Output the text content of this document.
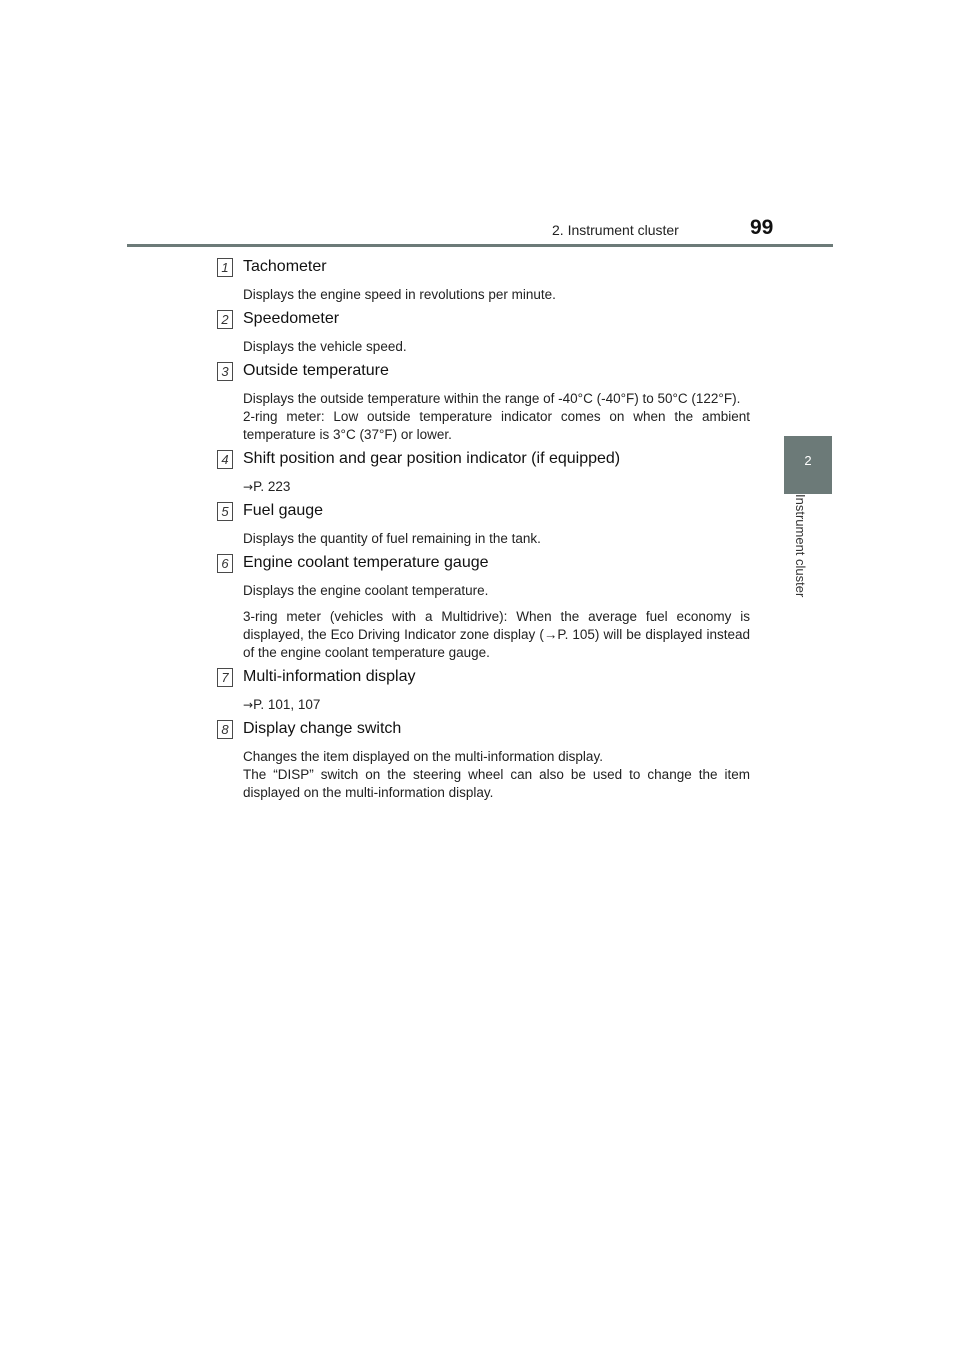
2. Instrument cluster	99
2
Instrument cluster
1 Tachometer

Displays the engine speed in revolutions per minute.

2 Speedometer

Displays the vehicle speed.

3 Outside temperature

Displays the outside temperature within the range of -40°C (-40°F) to 50°C (122°F).

2-ring meter: Low outside temperature indicator comes on when the ambient temperature is 3°C (37°F) or lower.

4 Shift position and gear position indicator (if equipped)

→P. 223

5 Fuel gauge

Displays the quantity of fuel remaining in the tank.

6 Engine coolant temperature gauge

Displays the engine coolant temperature.

3-ring meter (vehicles with a Multidrive): When the average fuel economy is displayed, the Eco Driving Indicator zone display (→P. 105) will be displayed instead of the engine coolant temperature gauge.

7 Multi-information display

→P. 101, 107

8 Display change switch

Changes the item displayed on the multi-information display.

The “DISP” switch on the steering wheel can also be used to change the item displayed on the multi-information display.
